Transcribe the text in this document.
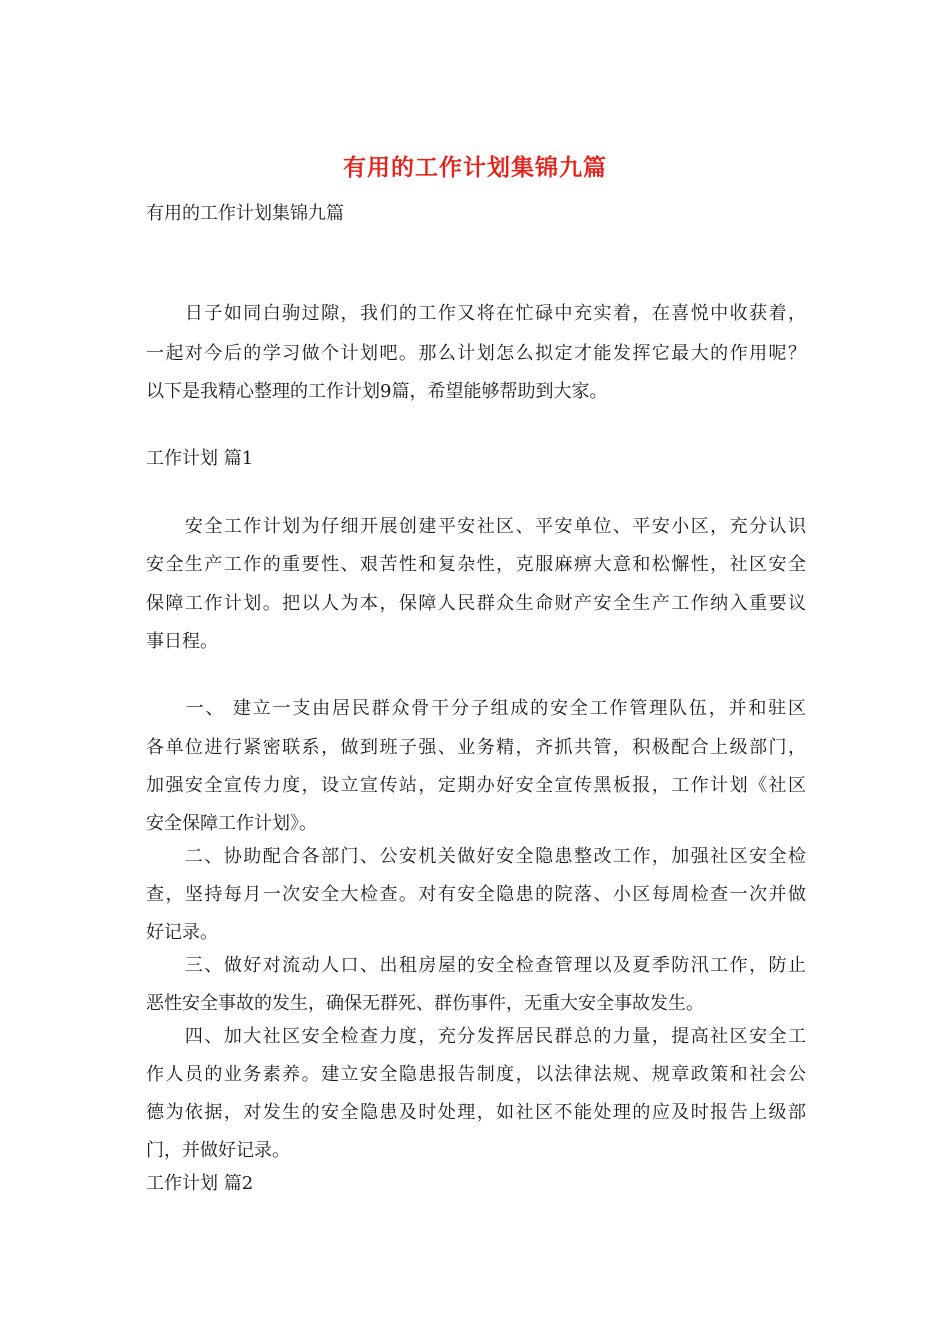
有用的工作计划集锦九篇

有用的工作计划集锦九篇

　　日子如同白驹过隙，我们的工作又将在忙碌中充实着，在喜悦中收获着，

一起对今后的学习做个计划吧。那么计划怎么拟定才能发挥它最大的作用呢？

以下是我精心整理的工作计划9篇，希望能够帮助到大家。

工作计划 篇1

　　安全工作计划为仔细开展创建平安社区、平安单位、平安小区，充分认识

安全生产工作的重要性、艰苦性和复杂性，克服麻痹大意和松懈性，社区安全

保障工作计划。把以人为本，保障人民群众生命财产安全生产工作纳入重要议

事日程。

　　一、 建立一支由居民群众骨干分子组成的安全工作管理队伍，并和驻区

各单位进行紧密联系，做到班子强、业务精，齐抓共管，积极配合上级部门，

加强安全宣传力度，设立宣传站，定期办好安全宣传黑板报，工作计划《社区

安全保障工作计划》。

　　二、协助配合各部门、公安机关做好安全隐患整改工作，加强社区安全检

查，坚持每月一次安全大检查。对有安全隐患的院落、小区每周检查一次并做

好记录。

　　三、做好对流动人口、出租房屋的安全检查管理以及夏季防汛工作，防止

恶性安全事故的发生，确保无群死、群伤事件，无重大安全事故发生。

　　四、加大社区安全检查力度，充分发挥居民群总的力量，提高社区安全工

作人员的业务素养。建立安全隐患报告制度，以法律法规、规章政策和社会公

德为依据，对发生的安全隐患及时处理，如社区不能处理的应及时报告上级部

门，并做好记录。

工作计划 篇2
